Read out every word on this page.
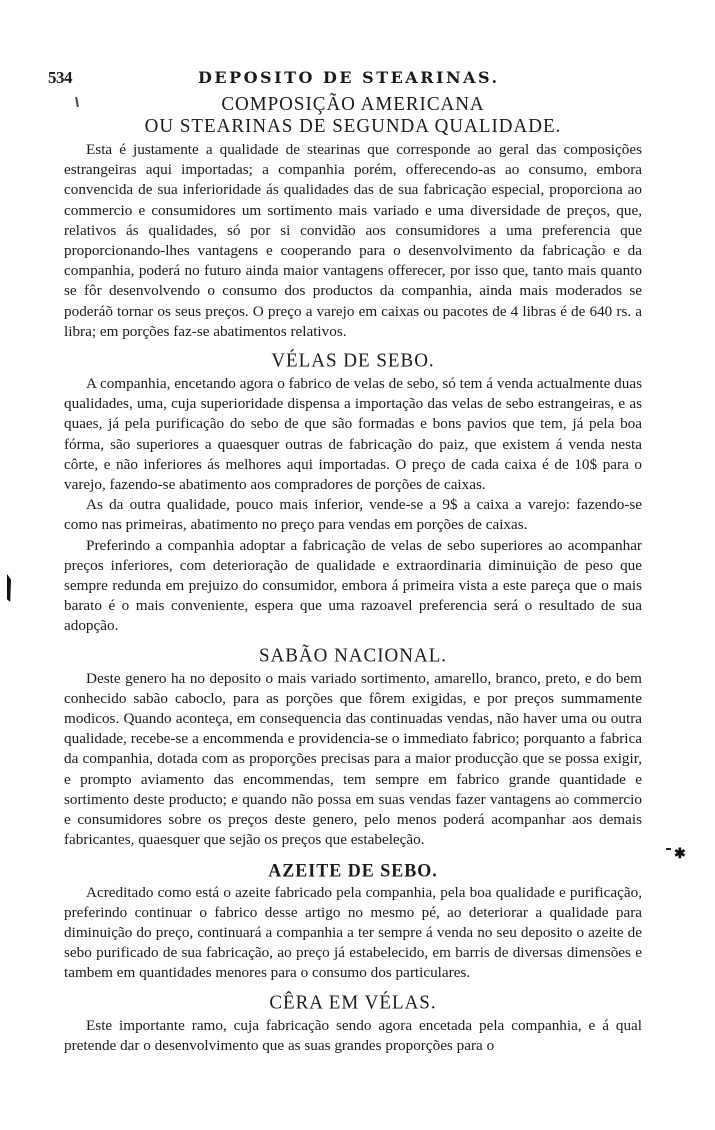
534	DEPOSITO DE STEARINAS.
COMPOSIÇÃO AMERICANA
OU STEARINAS DE SEGUNDA QUALIDADE.

Esta é justamente a qualidade de stearinas que corresponde ao geral das composições estrangeiras aqui importadas; a companhia porém, offerecendo-as ao consumo, embora convencida de sua inferioridade ás qualidades das de sua fabricação especial, proporciona ao commercio e consumidores um sortimento mais variado e uma diversidade de preços, que, relativos ás qualidades, só por si convidão aos consumidores a uma preferencia que proporcionando-lhes vantagens e cooperando para o desenvolvimento da fabricação e da companhia, poderá no futuro ainda maior vantagens offerecer, por isso que, tanto mais quanto se fôr desenvolvendo o consumo dos productos da companhia, ainda mais moderados se poderáõ tornar os seus preços. O preço a varejo em caixas ou pacotes de 4 libras é de 640 rs. a libra; em porções faz-se abatimentos relativos.

VÉLAS DE SEBO.

A companhia, encetando agora o fabrico de velas de sebo, só tem á venda actualmente duas qualidades, uma, cuja superioridade dispensa a importação das velas de sebo estrangeiras, e as quaes, já pela purificação do sebo de que são formadas e bons pavios que tem, já pela boa fórma, são superiores a quaesquer outras de fabricação do paiz, que existem á venda nesta côrte, e não inferiores ás melhores aqui importadas. O preço de cada caixa é de 10$ para o varejo, fazendo-se abatimento aos compradores de porções de caixas.

As da outra qualidade, pouco mais inferior, vende-se a 9$ a caixa a varejo: fazendo-se como nas primeiras, abatimento no preço para vendas em porções de caixas.

Preferindo a companhia adoptar a fabricação de velas de sebo superiores ao acompanhar preços inferiores, com deterioração de qualidade e extraordinaria diminuição de peso que sempre redunda em prejuizo do consumidor, embora á primeira vista a este pareça que o mais barato é o mais conveniente, espera que uma razoavel preferencia será o resultado de sua adopção.

SABÃO NACIONAL.

Deste genero ha no deposito o mais variado sortimento, amarello, branco, preto, e do bem conhecido sabão caboclo, para as porções que fôrem exigidas, e por preços summamente modicos. Quando aconteça, em consequencia das continuadas vendas, não haver uma ou outra qualidade, recebe-se a encommenda e providencia-se o immediato fabrico; porquanto a fabrica da companhia, dotada com as proporções precisas para a maior producção que se possa exigir, e prompto aviamento das encommendas, tem sempre em fabrico grande quantidade e sortimento deste producto; e quando não possa em suas vendas fazer vantagens ao commercio e consumidores sobre os preços deste genero, pelo menos poderá acompanhar aos demais fabricantes, quaesquer que sejão os preços que estabeleção.

AZEITE DE SEBO.

Acreditado como está o azeite fabricado pela companhia, pela boa qualidade e purificação, preferindo continuar o fabrico desse artigo no mesmo pé, ao deteriorar a qualidade para diminuição do preço, continuará a companhia a ter sempre á venda no seu deposito o azeite de sebo purificado de sua fabricação, ao preço já estabelecido, em barris de diversas dimensões e tambem em quantidades menores para o consumo dos particulares.

CÊRA EM VÉLAS.

Este importante ramo, cuja fabricação sendo agora encetada pela companhia, e á qual pretende dar o desenvolvimento que as suas grandes proporções para o

✱
